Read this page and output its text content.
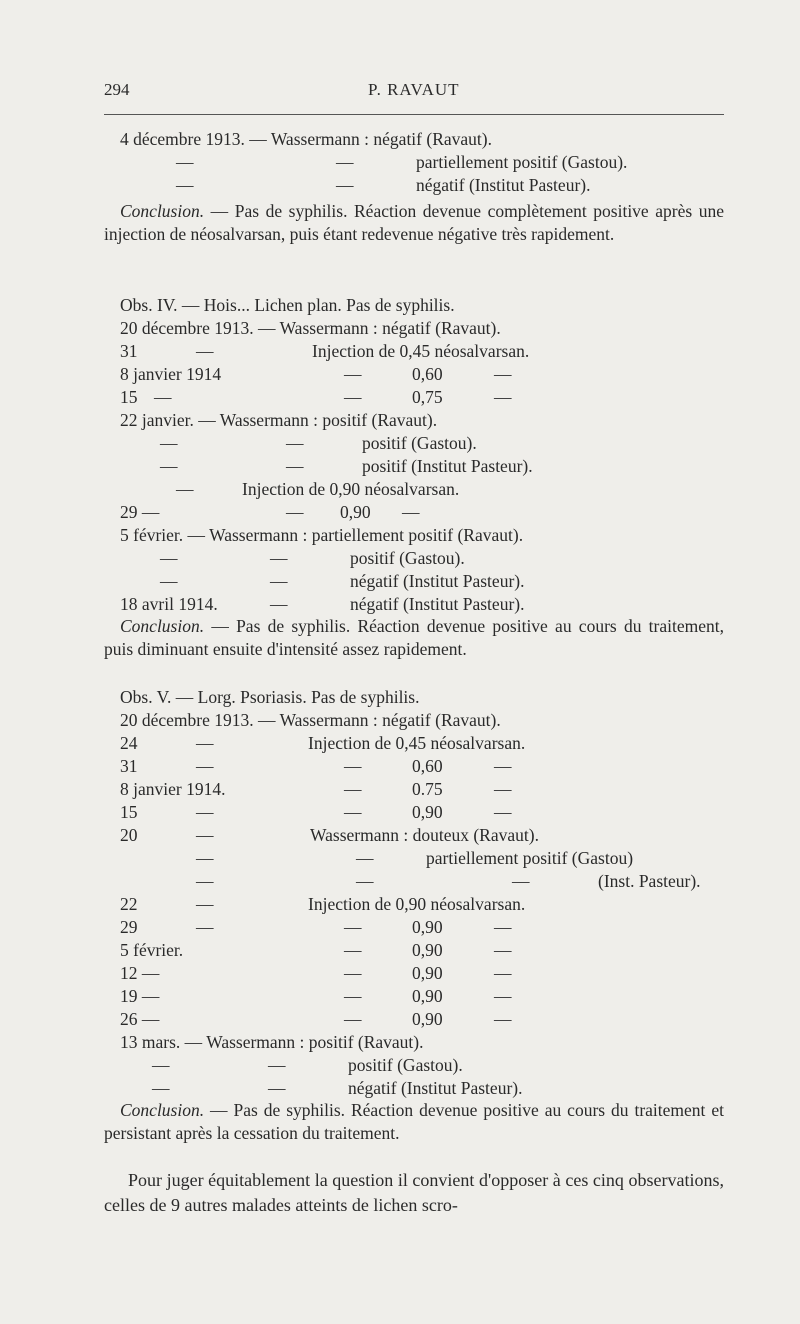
294	P. RAVAUT
4 décembre 1913. — Wassermann : négatif (Ravaut).
—	—	partiellement positif (Gastou).
—	—	négatif (Institut Pasteur).
Conclusion. — Pas de syphilis. Réaction devenue complètement positive après une injection de néosalvarsan, puis étant redevenue négative très rapidement.
Obs. IV. — Hois... Lichen plan. Pas de syphilis.
20 décembre 1913. — Wassermann : négatif (Ravaut).
31	—	Injection de 0,45 néosalvarsan.
8 janvier 1914	—	0,60	—
15 —	—	0,75	—
22 janvier. — Wassermann : positif (Ravaut).
—	—	positif (Gastou).
—	—	positif (Institut Pasteur).
—	Injection de 0,90 néosalvarsan.
29 —	— 0,90 —
5 février. — Wassermann : partiellement positif (Ravaut).
—	—	positif (Gastou).
—	—	négatif (Institut Pasteur).
18 avril 1914.	—	négatif (Institut Pasteur).
Conclusion. — Pas de syphilis. Réaction devenue positive au cours du traitement, puis diminuant ensuite d'intensité assez rapidement.
Obs. V. — Lorg. Psoriasis. Pas de syphilis.
20 décembre 1913. — Wassermann : négatif (Ravaut).
24	—	Injection de 0,45 néosalvarsan.
31	—	—	0,60	—
8 janvier 1914.	—	0.75	—
15	—	—	0,90	—
20	—	Wassermann : douteux (Ravaut).
—	—	partiellement positif (Gastou)
—	—	—	(Inst. Pasteur).
22	—	Injection de 0,90 néosalvarsan.
29	—	—	0,90	—
5 février.	—	0,90	—
12 —	—	0,90	—
19 —	—	0,90	—
26 —	—	0,90	—
13 mars. — Wassermann : positif (Ravaut).
—	—	positif (Gastou).
—	—	négatif (Institut Pasteur).
Conclusion. — Pas de syphilis. Réaction devenue positive au cours du traitement et persistant après la cessation du traitement.
Pour juger équitablement la question il convient d'opposer à ces cinq observations, celles de 9 autres malades atteints de lichen scro-
